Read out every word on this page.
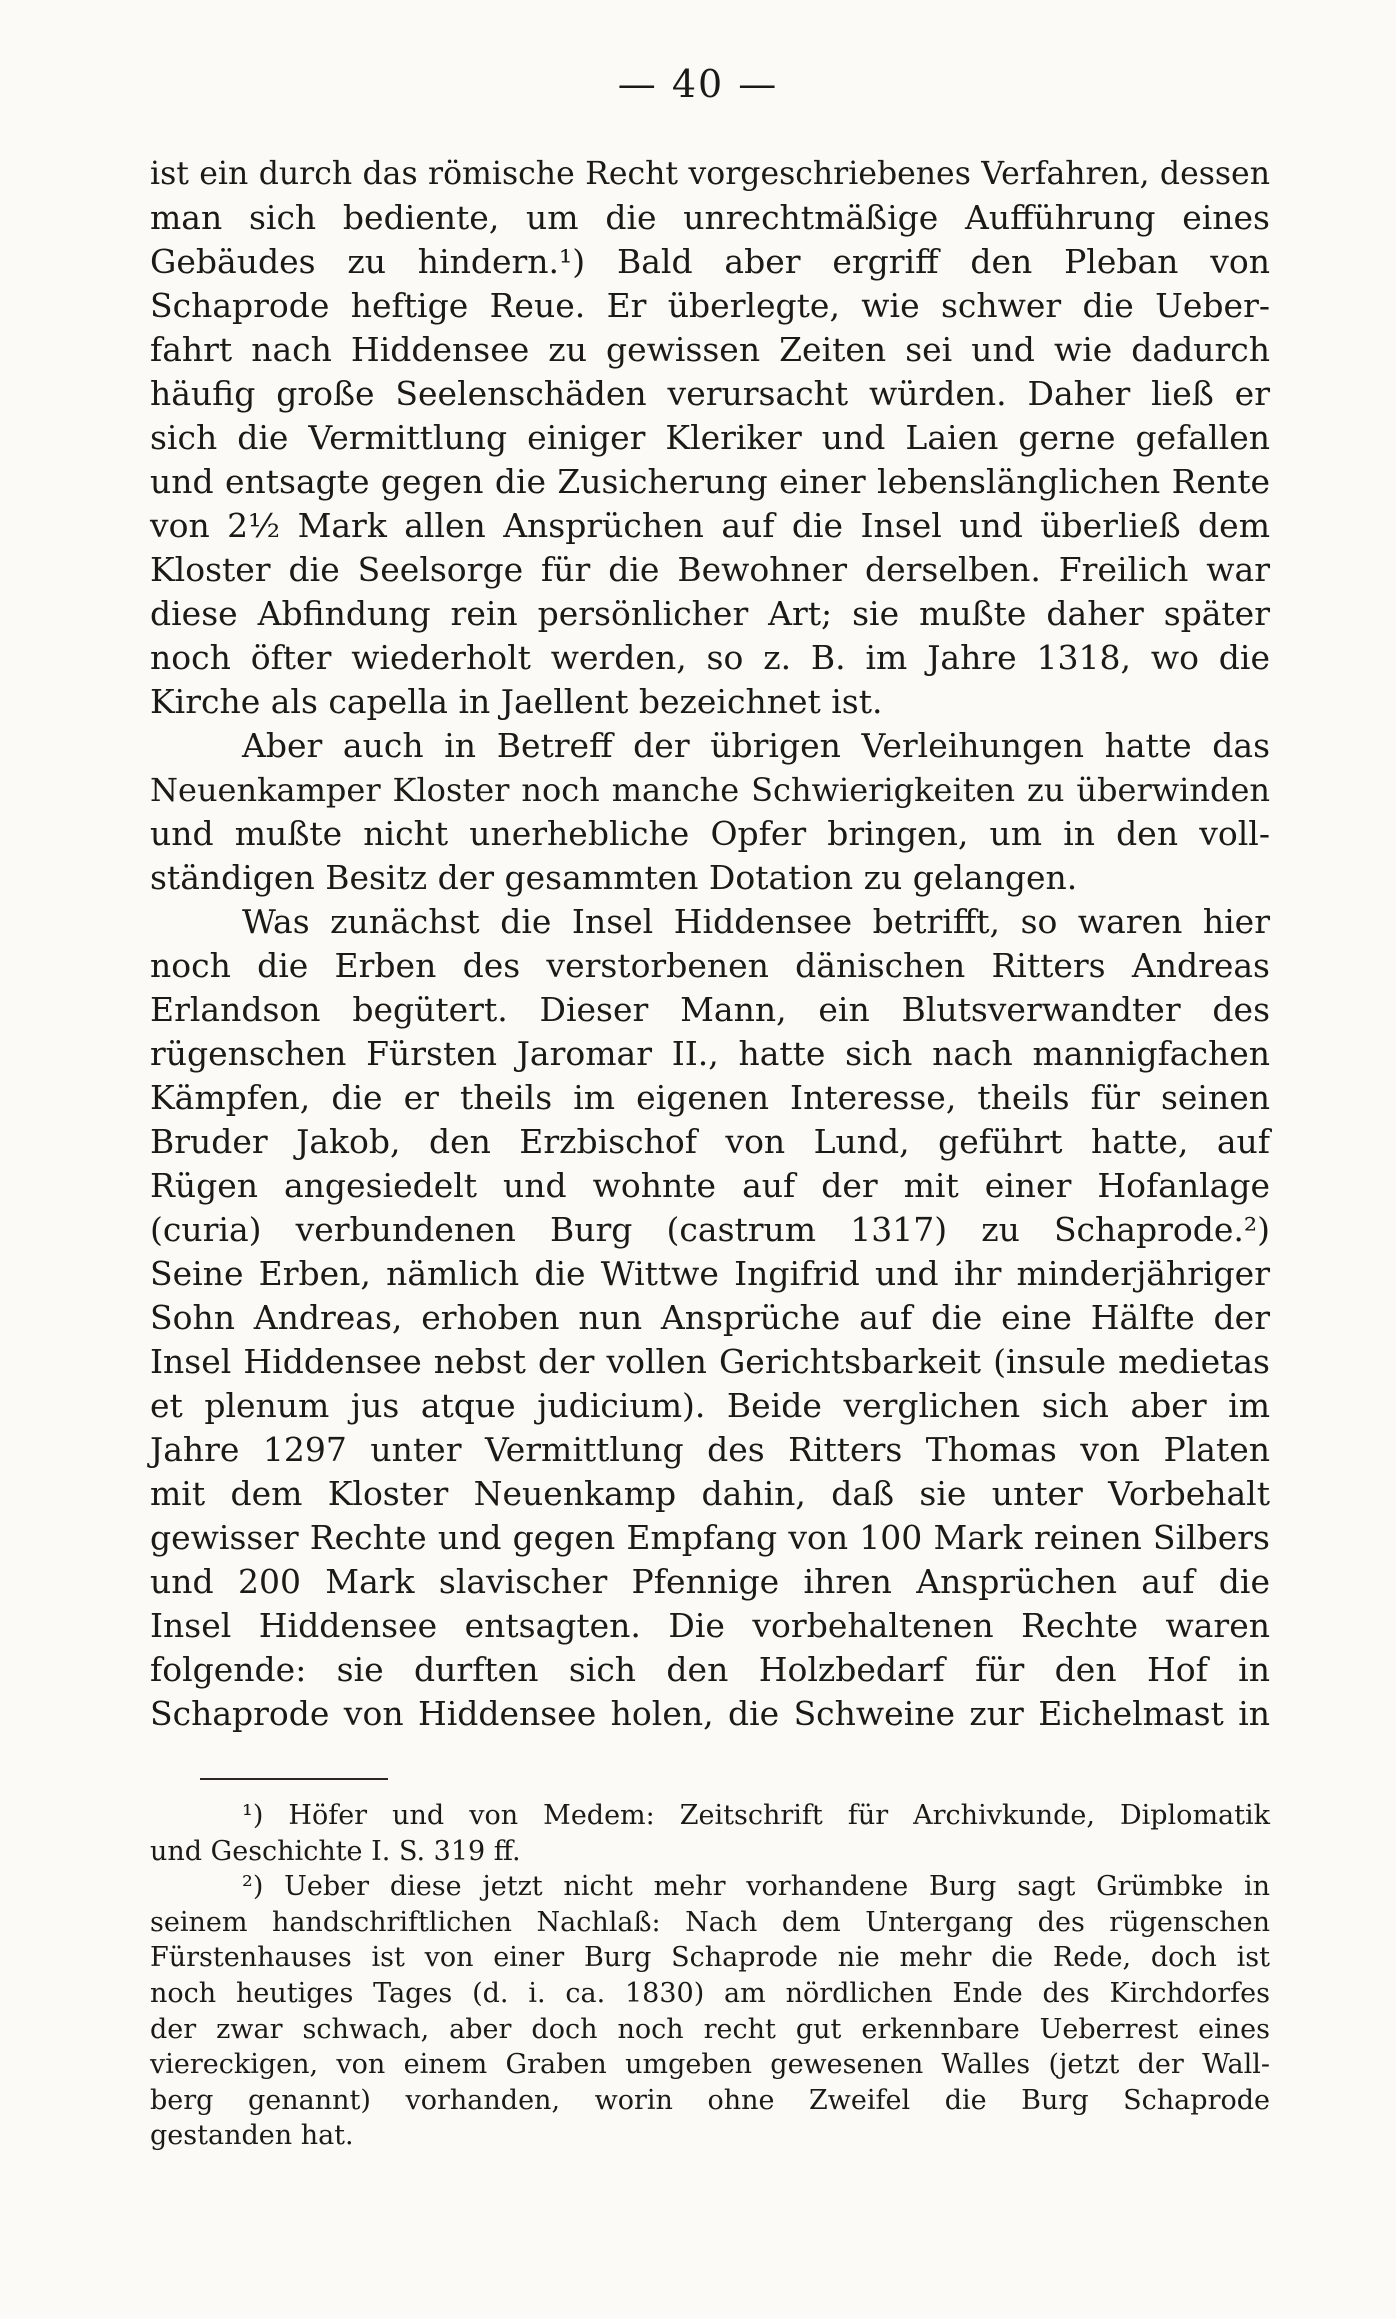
— 40 —
ist ein durch das römische Recht vorgeschriebenes Verfahren, dessen
man sich bediente, um die unrechtmäßige Aufführung eines
Gebäudes zu hindern.¹) Bald aber ergriff den Pleban von
Schaprode heftige Reue. Er überlegte, wie schwer die Ueber-
fahrt nach Hiddensee zu gewissen Zeiten sei und wie dadurch
häufig große Seelenschäden verursacht würden. Daher ließ er
sich die Vermittlung einiger Kleriker und Laien gerne gefallen
und entsagte gegen die Zusicherung einer lebenslänglichen Rente
von 2½ Mark allen Ansprüchen auf die Insel und überließ dem
Kloster die Seelsorge für die Bewohner derselben. Freilich war
diese Abfindung rein persönlicher Art; sie mußte daher später
noch öfter wiederholt werden, so z. B. im Jahre 1318, wo die
Kirche als capella in Jaellent bezeichnet ist.
Aber auch in Betreff der übrigen Verleihungen hatte das
Neuenkamper Kloster noch manche Schwierigkeiten zu überwinden
und mußte nicht unerhebliche Opfer bringen, um in den voll-
ständigen Besitz der gesammten Dotation zu gelangen.
Was zunächst die Insel Hiddensee betrifft, so waren hier
noch die Erben des verstorbenen dänischen Ritters Andreas
Erlandson begütert. Dieser Mann, ein Blutsverwandter des
rügenschen Fürsten Jaromar II., hatte sich nach mannigfachen
Kämpfen, die er theils im eigenen Interesse, theils für seinen
Bruder Jakob, den Erzbischof von Lund, geführt hatte, auf
Rügen angesiedelt und wohnte auf der mit einer Hofanlage
(curia) verbundenen Burg (castrum 1317) zu Schaprode.²)
Seine Erben, nämlich die Wittwe Ingifrid und ihr minderjähriger
Sohn Andreas, erhoben nun Ansprüche auf die eine Hälfte der
Insel Hiddensee nebst der vollen Gerichtsbarkeit (insule medietas
et plenum jus atque judicium). Beide verglichen sich aber im
Jahre 1297 unter Vermittlung des Ritters Thomas von Platen
mit dem Kloster Neuenkamp dahin, daß sie unter Vorbehalt
gewisser Rechte und gegen Empfang von 100 Mark reinen Silbers
und 200 Mark slavischer Pfennige ihren Ansprüchen auf die
Insel Hiddensee entsagten. Die vorbehaltenen Rechte waren
folgende: sie durften sich den Holzbedarf für den Hof in
Schaprode von Hiddensee holen, die Schweine zur Eichelmast in
¹) Höfer und von Medem: Zeitschrift für Archivkunde, Diplomatik
und Geschichte I. S. 319 ff.
²) Ueber diese jetzt nicht mehr vorhandene Burg sagt Grümbke in
seinem handschriftlichen Nachlaß: Nach dem Untergang des rügenschen
Fürstenhauses ist von einer Burg Schaprode nie mehr die Rede, doch ist
noch heutiges Tages (d. i. ca. 1830) am nördlichen Ende des Kirchdorfes
der zwar schwach, aber doch noch recht gut erkennbare Ueberrest eines
viereckigen, von einem Graben umgeben gewesenen Walles (jetzt der Wall-
berg genannt) vorhanden, worin ohne Zweifel die Burg Schaprode
gestanden hat.
